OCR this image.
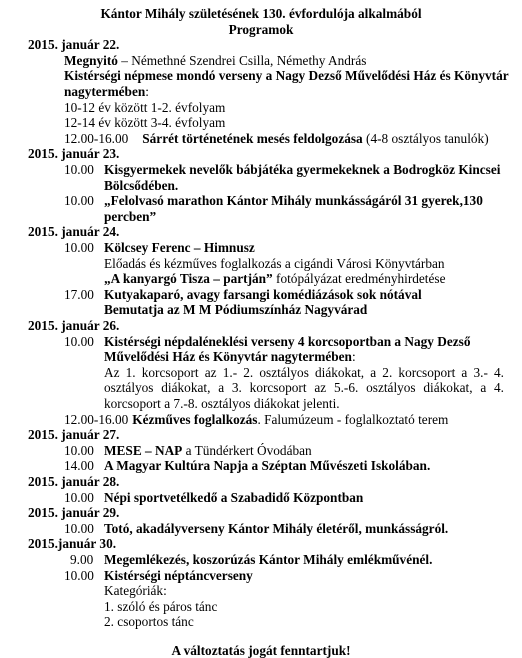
Kántor Mihály születésének 130. évfordulója alkalmából
Programok
2015. január 22.
Megnyitó – Némethné Szendrei Csilla, Némethy András
Kistérségi népmese mondó verseny a Nagy Dezső Művelődési Ház és Könyvtár
nagytermében:
10-12 év között 1-2. évfolyam
12-14 év között 3-4. évfolyam
12.00-16.00 Sárrét történetének mesés feldolgozása (4-8 osztályos tanulók)
2015. január 23.
10.00 Kisgyermekek nevelők bábjátéka gyermekeknek a Bodrogköz Kincsei
Bölcsődében.
10.00 „Felolvasó marathon Kántor Mihály munkásságáról 31 gyerek,130
percben”
2015. január 24.
10.00 Kölcsey Ferenc – Himnusz
Előadás és kézműves foglalkozás a cigándi Városi Könyvtárban
„A kanyargó Tisza – partján” fotópályázat eredményhirdetése
17.00 Kutyakaparó, avagy farsangi komédiázások sok nótával
Bemutatja az M M Pódiumszínház Nagyvárad
2015. január 26.
10.00 Kistérségi népdaléneklési verseny 4 korcsoportban a Nagy Dezső
Művelődési Ház és Könyvtár nagytermében:
Az 1. korcsoport az 1.- 2. osztályos diákokat, a 2. korcsoport a 3.- 4.
osztályos diákokat, a 3. korcsoport az 5.-6. osztályos diákokat, a 4.
korcsoport a 7.-8. osztályos diákokat jelenti.
12.00-16.00 Kézműves foglalkozás. Falumúzeum - foglalkoztató terem
2015. január 27.
10.00 MESE – NAP a Tündérkert Óvodában
14.00 A Magyar Kultúra Napja a Széptan Művészeti Iskolában.
2015. január 28.
10.00 Népi sportvetélkedő a Szabadidő Központban
2015. január 29.
10.00 Totó, akadályverseny Kántor Mihály életéről, munkásságról.
2015.január 30.
9.00 Megemlékezés, koszorúzás Kántor Mihály emlékművénél.
10.00 Kistérségi néptáncverseny
Kategóriák:
1. szóló és páros tánc
2. csoportos tánc
A változtatás jogát fenntartjuk!
